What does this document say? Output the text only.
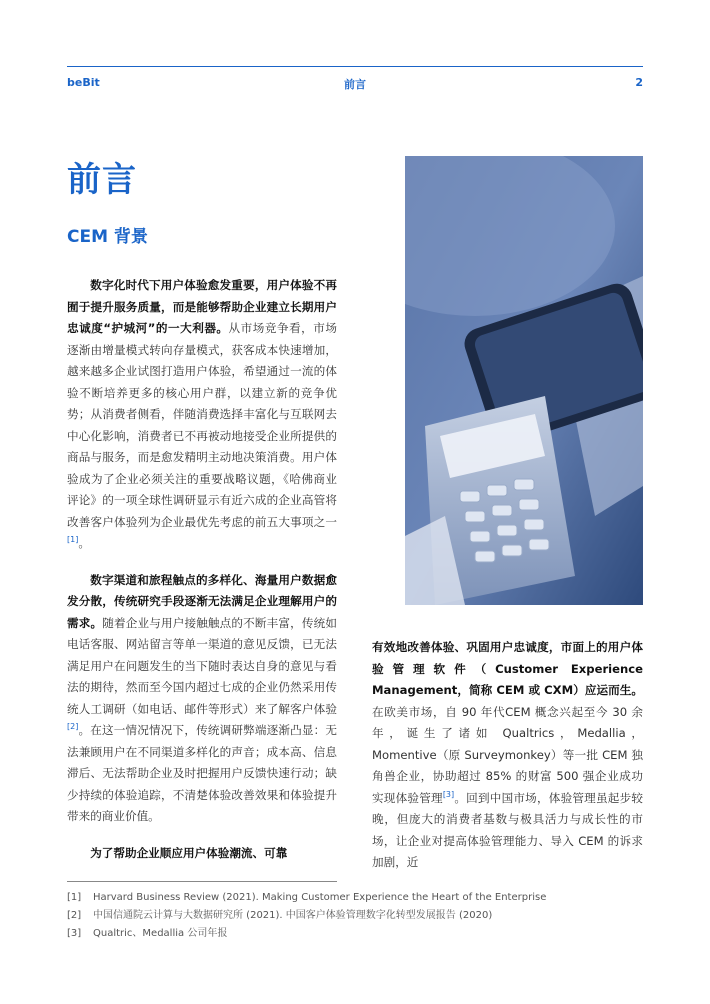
beBit	前言	2
前言
CEM 背景

数字化时代下用户体验愈发重要，用户体验不再囿于提升服务质量，而是能够帮助企业建立长期用户忠诚度“护城河”的一大利器。从市场竞争看，市场逐渐由增量模式转向存量模式，获客成本快速增加，越来越多企业试图打造用户体验，希望通过一流的体验不断培养更多的核心用户群，以建立新的竞争优势；从消费者侧看，伴随消费选择丰富化与互联网去中心化影响，消费者已不再被动地接受企业所提供的商品与服务，而是愈发精明主动地决策消费。用户体验成为了企业必须关注的重要战略议题，《哈佛商业评论》的一项全球性调研显示有近六成的企业高管将改善客户体验列为企业最优先考虑的前五大事项之一[1]。

数字渠道和旅程触点的多样化、海量用户数据愈发分散，传统研究手段逐渐无法满足企业理解用户的需求。随着企业与用户接触触点的不断丰富，传统如电话客服、网站留言等单一渠道的意见反馈，已无法满足用户在问题发生的当下随时表达自身的意见与看法的期待，然而至今国内超过七成的企业仍然采用传统人工调研（如电话、邮件等形式）来了解客户体验[2]。在这一情况情况下，传统调研弊端逐渐凸显：无法兼顾用户在不同渠道多样化的声音；成本高、信息滞后、无法帮助企业及时把握用户反馈快速行动；缺少持续的体验追踪，不清楚体验改善效果和体验提升带来的商业价值。

为了帮助企业顺应用户体验潮流、可靠

有效地改善体验、巩固用户忠诚度，市面上的用户体验管理软件（Customer Experience Management，简称 CEM 或 CXM）应运而生。在欧美市场，自 90 年代CEM 概念兴起至今 30 余年，诞生了诸如 Qualtrics，Medallia，Momentive（原 Surveymonkey）等一批 CEM 独角兽企业，协助超过 85% 的财富 500 强企业成功实现体验管理[3]。回到中国市场，体验管理虽起步较晚，但庞大的消费者基数与极具活力与成长性的市场，让企业对提高体验管理能力、导入 CEM 的诉求加剧，近

[1] Harvard Business Review (2021). Making Customer Experience the Heart of the Enterprise
[2] 中国信通院云计算与大数据研究所 (2021). 中国客户体验管理数字化转型发展报告 (2020)
[3] Qualtric、Medallia 公司年报
